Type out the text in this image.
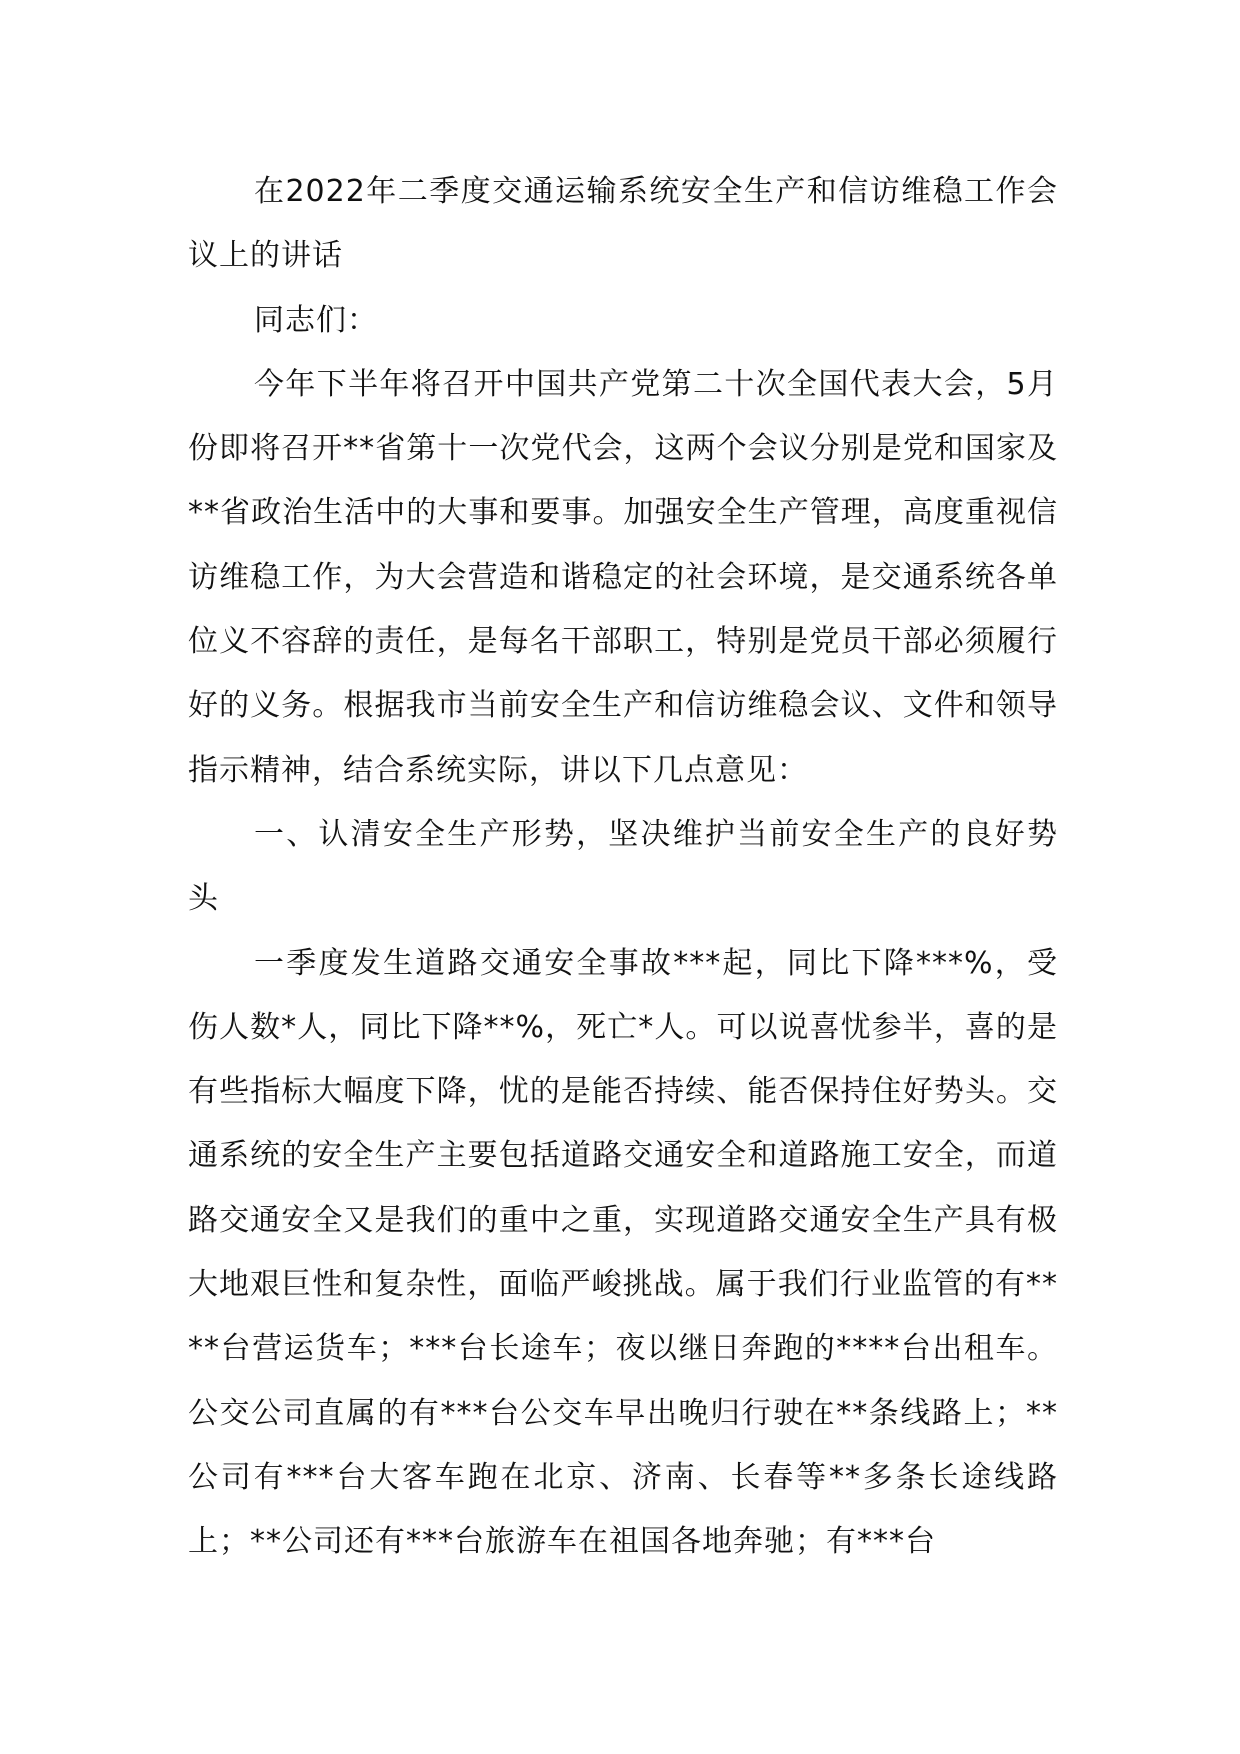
在2022年二季度交通运输系统安全生产和信访维稳工作会议上的讲话

同志们：

今年下半年将召开中国共产党第二十次全国代表大会，5月份即将召开**省第十一次党代会，这两个会议分别是党和国家及**省政治生活中的大事和要事。加强安全生产管理，高度重视信访维稳工作，为大会营造和谐稳定的社会环境，是交通系统各单位义不容辞的责任，是每名干部职工，特别是党员干部必须履行好的义务。根据我市当前安全生产和信访维稳会议、文件和领导指示精神，结合系统实际，讲以下几点意见：

一、认清安全生产形势，坚决维护当前安全生产的良好势头

一季度发生道路交通安全事故***起，同比下降***%，受伤人数*人，同比下降**%，死亡*人。可以说喜忧参半，喜的是有些指标大幅度下降，忧的是能否持续、能否保持住好势头。交通系统的安全生产主要包括道路交通安全和道路施工安全，而道路交通安全又是我们的重中之重，实现道路交通安全生产具有极大地艰巨性和复杂性，面临严峻挑战。属于我们行业监管的有****台营运货车；***台长途车；夜以继日奔跑的****台出租车。公交公司直属的有***台公交车早出晚归行驶在**条线路上；**公司有***台大客车跑在北京、济南、长春等**多条长途线路上；**公司还有***台旅游车在祖国各地奔驰；有***台
